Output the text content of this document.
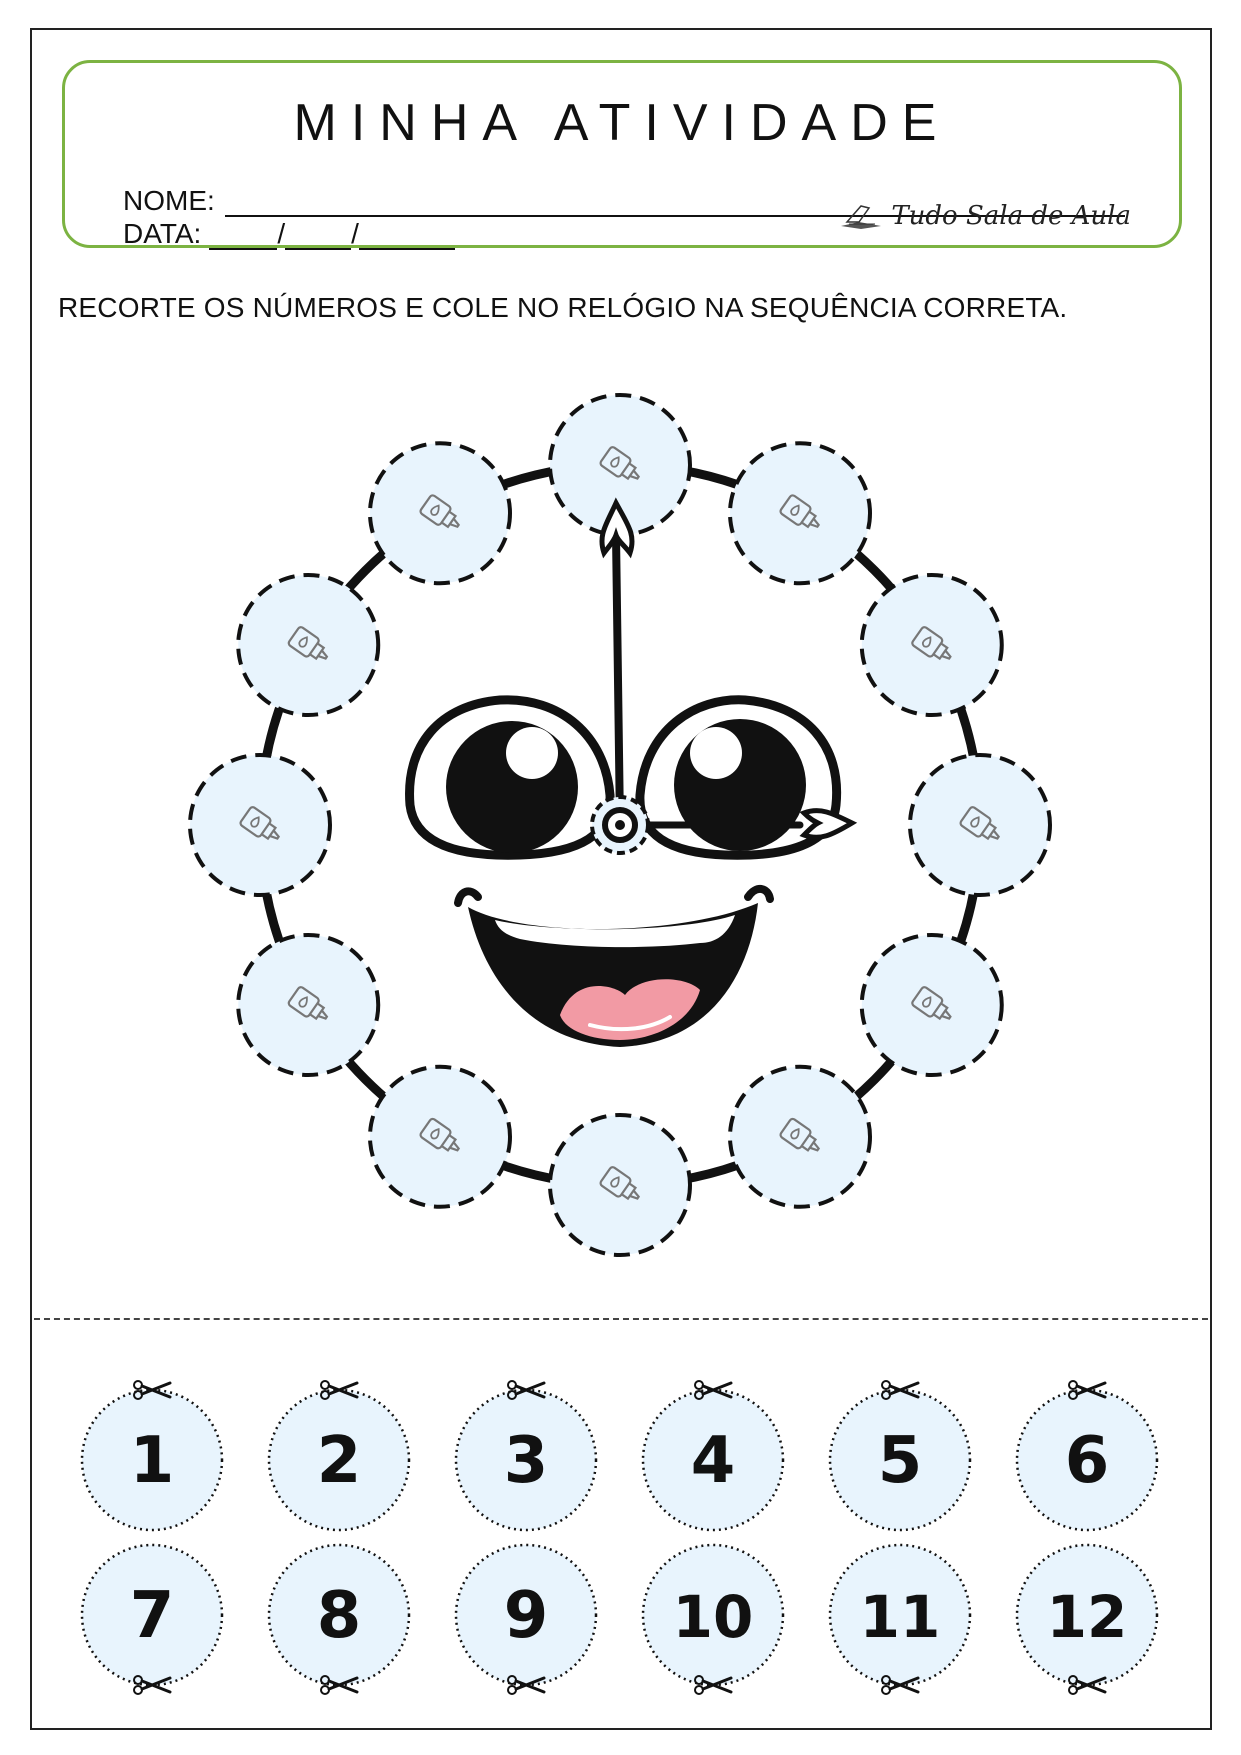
MINHA ATIVIDADE
NOME:
DATA:	/ /
Tudo Sala de Aula
RECORTE OS NÚMEROS E COLE NO RELÓGIO NA SEQUÊNCIA CORRETA.
1 2 3 4 5 6
7 8 9 10 11 12
